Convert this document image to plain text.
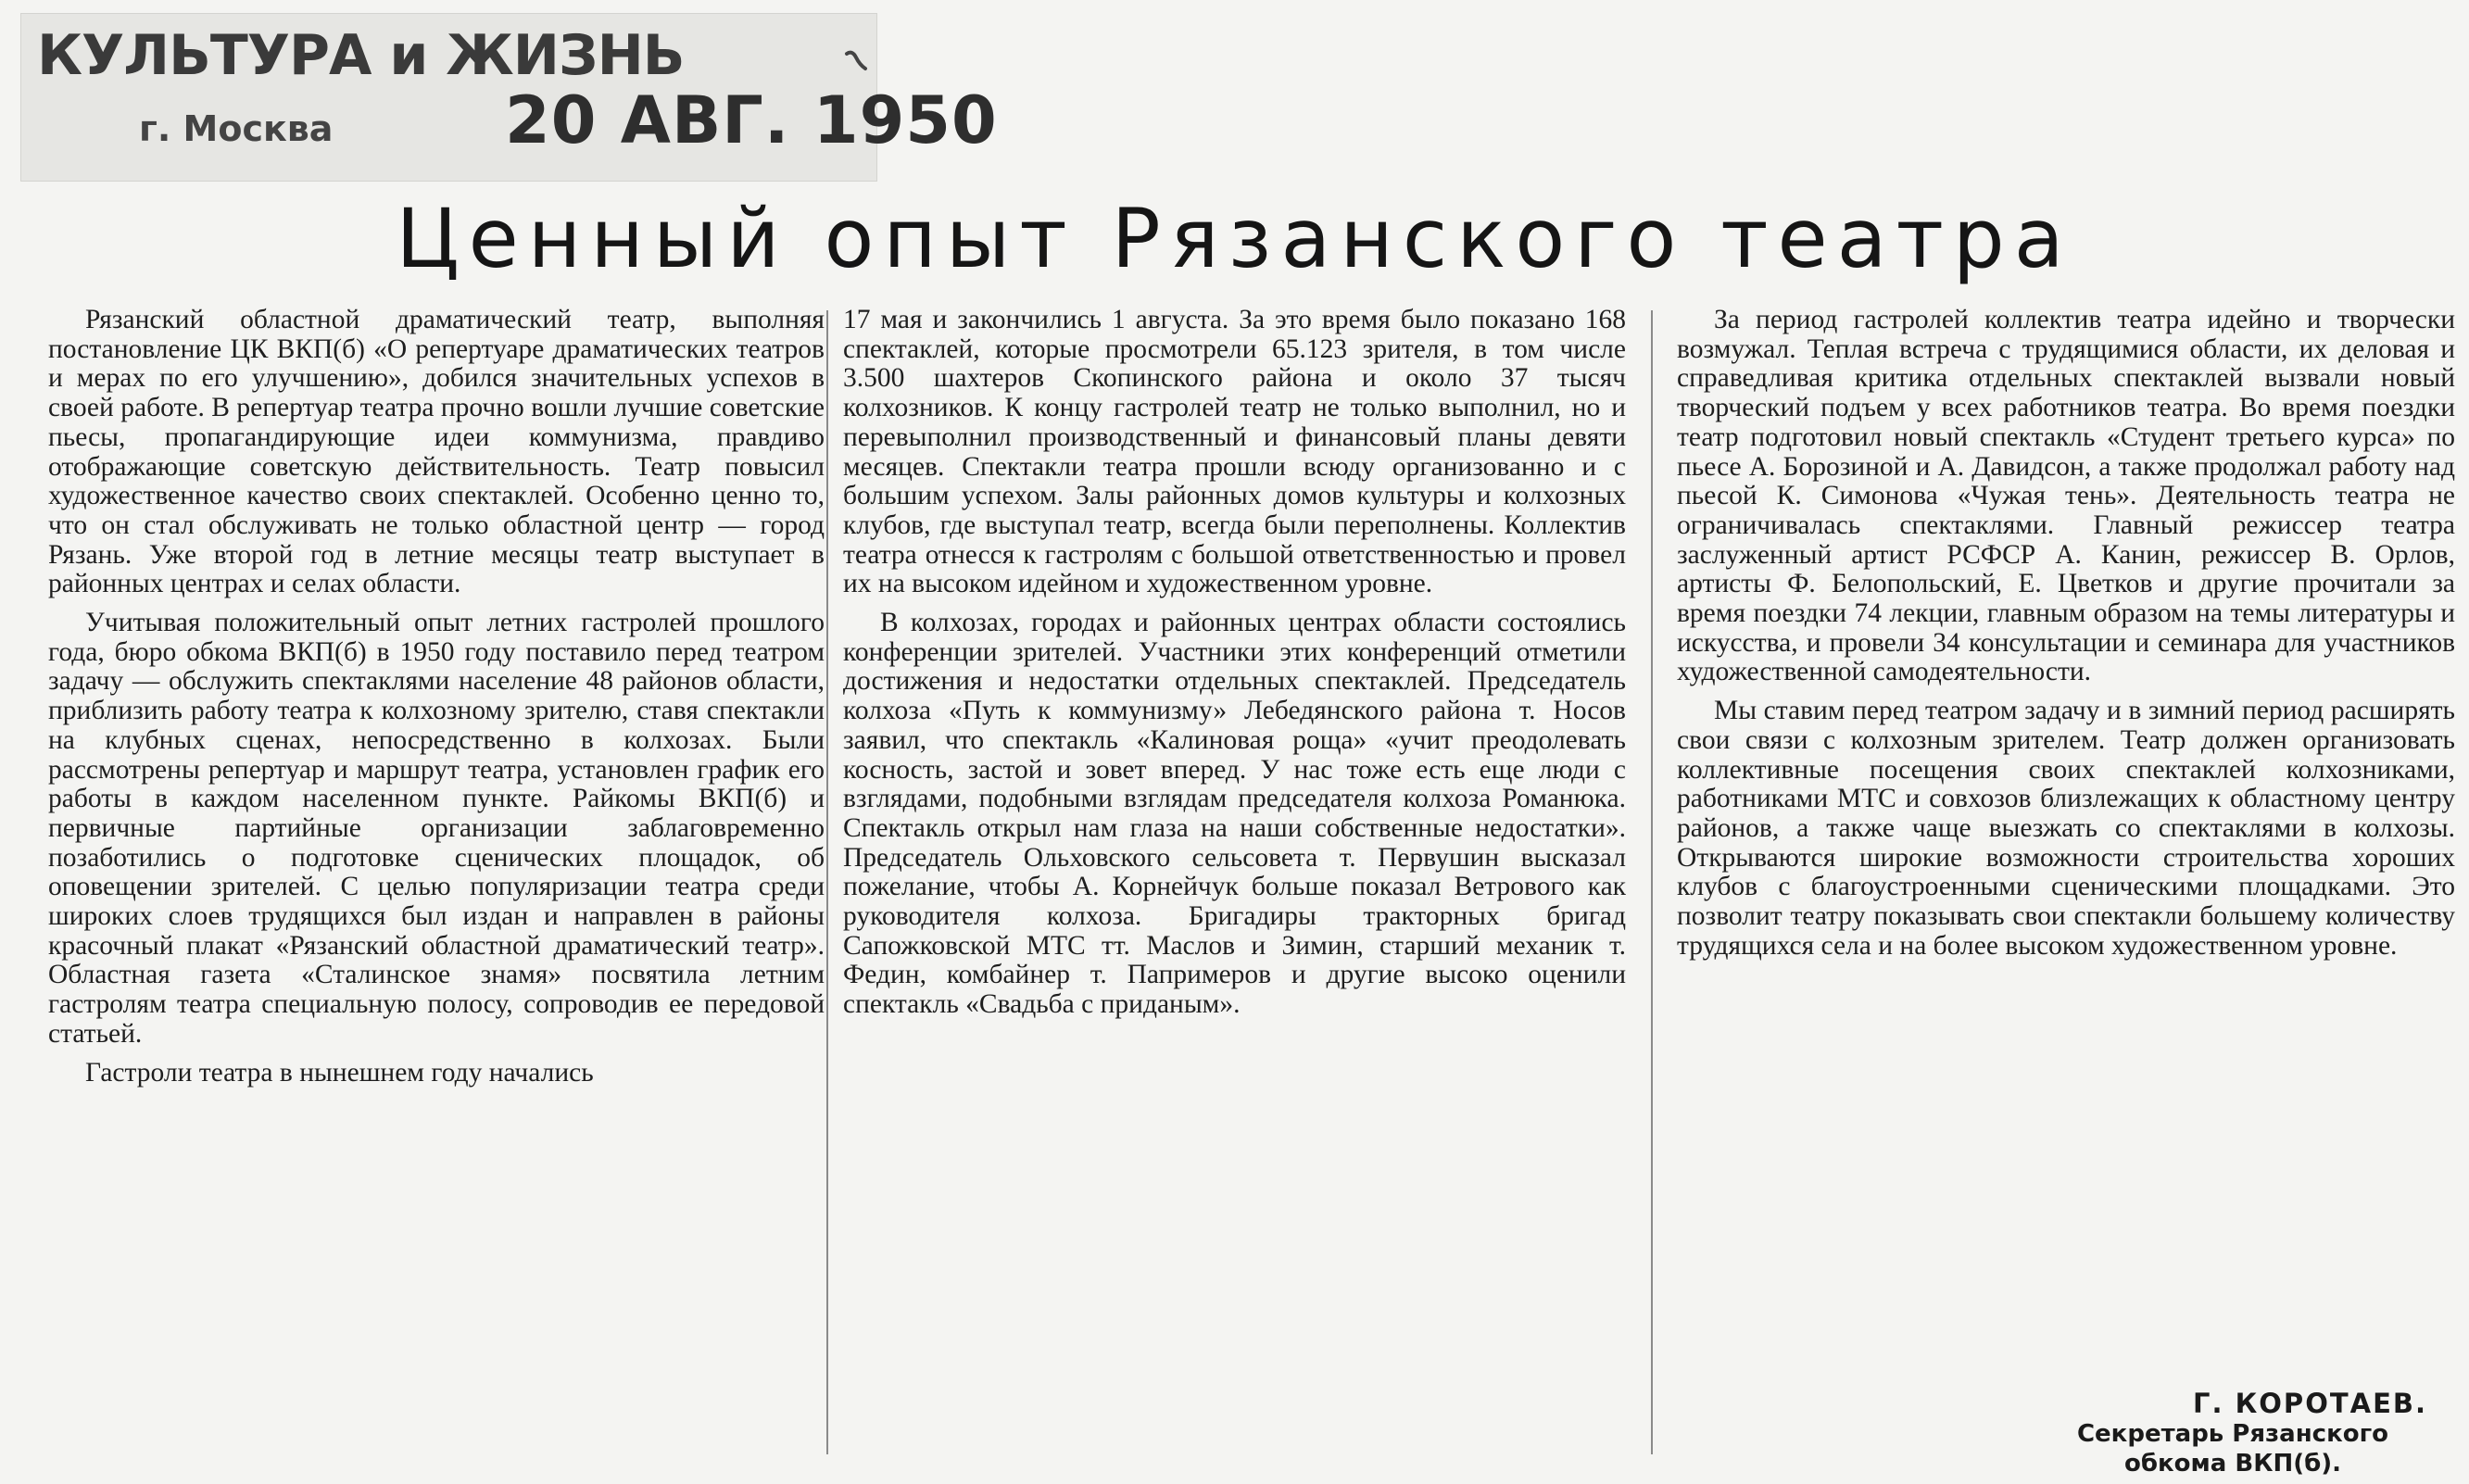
КУЛЬТУРА и ЖИЗНЬ
г. Москва	20 АВГ. 1950
Ценный опыт Рязанского театра

Рязанский областной драматический театр, выполняя постановление ЦК ВКП(б) «О репертуаре драматических театров и мерах по его улучшению», добился значительных успехов в своей работе. В репертуар театра прочно вошли лучшие советские пьесы, пропагандирующие идеи коммунизма, правдиво отображающие советскую действительность. Театр повысил художественное качество своих спектаклей. Особенно ценно то, что он стал обслуживать не только областной центр — город Рязань. Уже второй год в летние месяцы театр выступает в районных центрах и селах области.

Учитывая положительный опыт летних гастролей прошлого года, бюро обкома ВКП(б) в 1950 году поставило перед театром задачу — обслужить спектаклями население 48 районов области, приблизить работу театра к колхозному зрителю, ставя спектакли на клубных сценах, непосредственно в колхозах. Были рассмотрены репертуар и маршрут театра, установлен график его работы в каждом населенном пункте. Райкомы ВКП(б) и первичные партийные организации заблаговременно позаботились о подготовке сценических площадок, об оповещении зрителей. С целью популяризации театра среди широких слоев трудящихся был издан и направлен в районы красочный плакат «Рязанский областной драматический театр». Областная газета «Сталинское знамя» посвятила летним гастролям театра специальную полосу, сопроводив ее передовой статьей.

Гастроли театра в нынешнем году начались

17 мая и закончились 1 августа. За это время было показано 168 спектаклей, которые просмотрели 65.123 зрителя, в том числе 3.500 шахтеров Скопинского района и около 37 тысяч колхозников. К концу гастролей театр не только выполнил, но и перевыполнил производственный и финансовый планы девяти месяцев. Спектакли театра прошли всюду организованно и с большим успехом. Залы районных домов культуры и колхозных клубов, где выступал театр, всегда были переполнены. Коллектив театра отнесся к гастролям с большой ответственностью и провел их на высоком идейном и художественном уровне.

В колхозах, городах и районных центрах области состоялись конференции зрителей. Участники этих конференций отметили достижения и недостатки отдельных спектаклей. Председатель колхоза «Путь к коммунизму» Лебедянского района т. Носов заявил, что спектакль «Калиновая роща» «учит преодолевать косность, застой и зовет вперед. У нас тоже есть еще люди с взглядами, подобными взглядам председателя колхоза Романюка. Спектакль открыл нам глаза на наши собственные недостатки». Председатель Ольховского сельсовета т. Первушин высказал пожелание, чтобы А. Корнейчук больше показал Ветрового как руководителя колхоза. Бригадиры тракторных бригад Сапожковской МТС тт. Маслов и Зимин, старший механик т. Федин, комбайнер т. Папримеров и другие высоко оценили спектакль «Свадьба с приданым».

За период гастролей коллектив театра идейно и творчески возмужал. Теплая встреча с трудящимися области, их деловая и справедливая критика отдельных спектаклей вызвали новый творческий подъем у всех работников театра. Во время поездки театр подготовил новый спектакль «Студент третьего курса» по пьесе А. Борозиной и А. Давидсон, а также продолжал работу над пьесой К. Симонова «Чужая тень». Деятельность театра не ограничивалась спектаклями. Главный режиссер театра заслуженный артист РСФСР А. Канин, режиссер В. Орлов, артисты Ф. Белопольский, Е. Цветков и другие прочитали за время поездки 74 лекции, главным образом на темы литературы и искусства, и провели 34 консультации и семинара для участников художественной самодеятельности.

Мы ставим перед театром задачу и в зимний период расширять свои связи с колхозным зрителем. Театр должен организовать коллективные посещения своих спектаклей колхозниками, работниками МТС и совхозов близлежащих к областному центру районов, а также чаще выезжать со спектаклями в колхозы. Открываются широкие возможности строительства хороших клубов с благоустроенными сценическими площадками. Это позволит театру показывать свои спектакли большему количеству трудящихся села и на более высоком художественном уровне.

Г. КОРОТАЕВ.
Секретарь Рязанского обкома ВКП(б).
